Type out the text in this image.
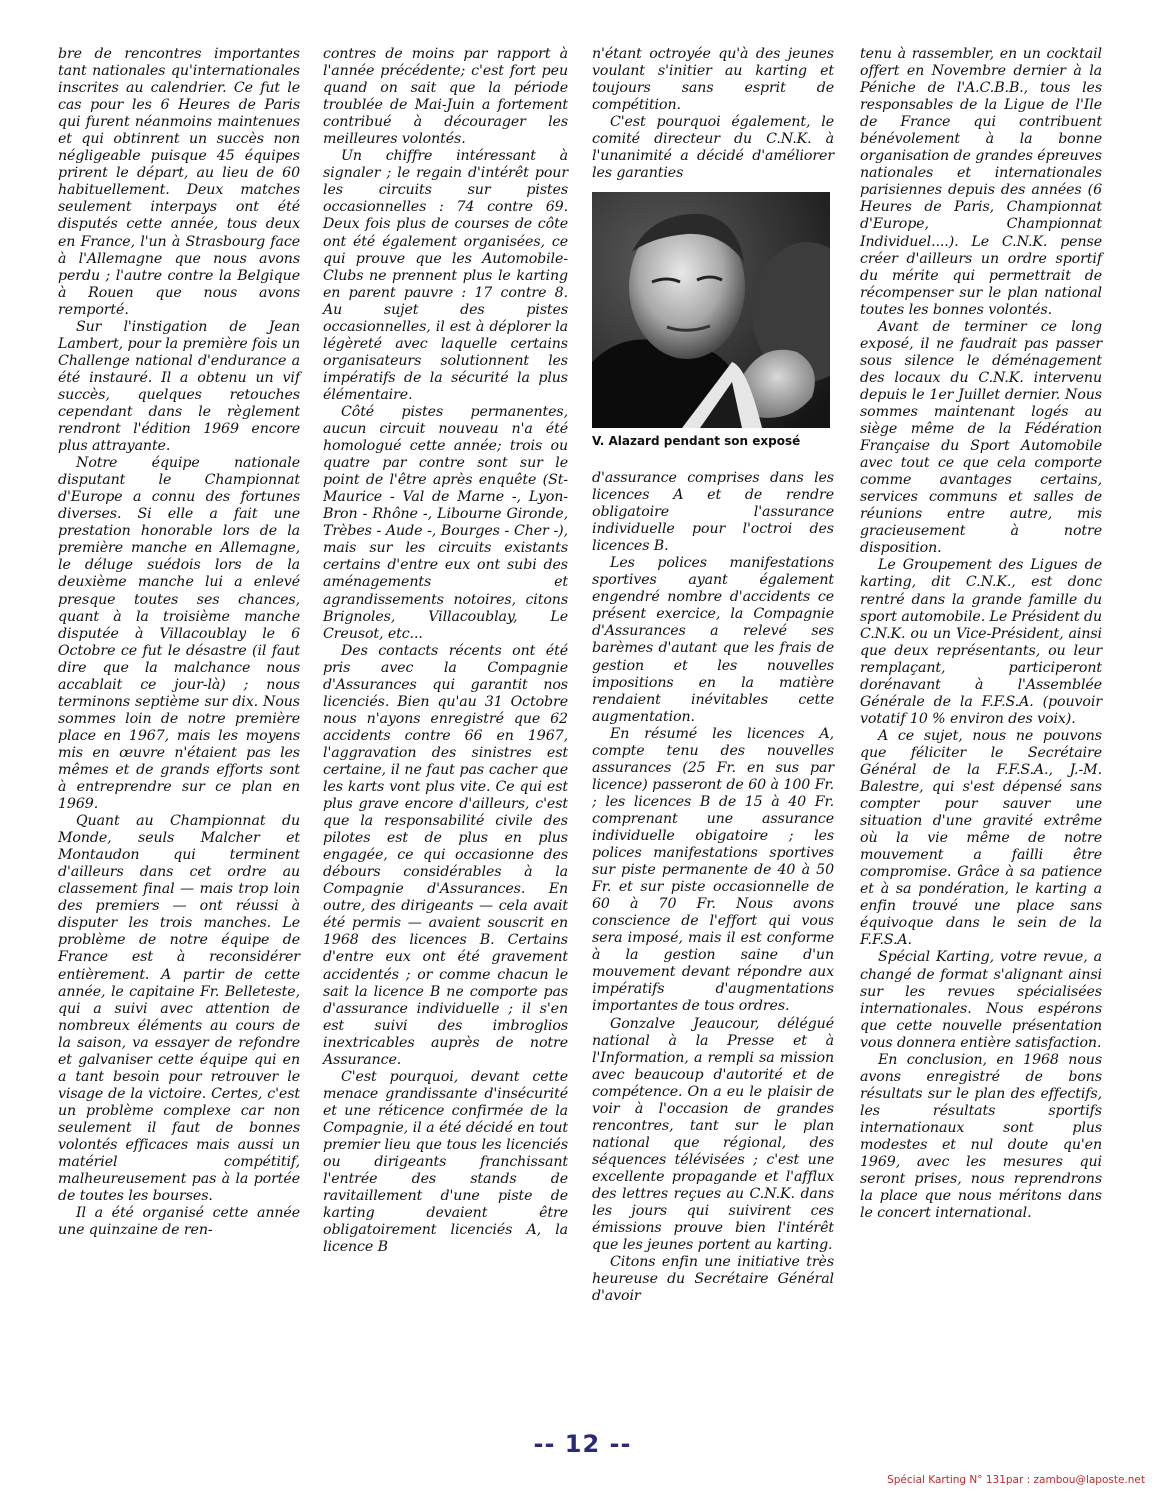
bre de rencontres importantes tant nationales qu'internationales inscrites au calendrier. Ce fut le cas pour les 6 Heures de Paris qui furent néanmoins maintenues et qui obtinrent un succès non négligeable puisque 45 équipes prirent le départ, au lieu de 60 habituellement. Deux matches seulement interpays ont été disputés cette année, tous deux en France, l'un à Strasbourg face à l'Allemagne que nous avons perdu ; l'autre contre la Belgique à Rouen que nous avons remporté.

Sur l'instigation de Jean Lambert, pour la première fois un Challenge national d'endurance a été instauré. Il a obtenu un vif succès, quelques retouches cependant dans le règlement rendront l'édition 1969 encore plus attrayante.

Notre équipe nationale disputant le Championnat d'Europe a connu des fortunes diverses. Si elle a fait une prestation honorable lors de la première manche en Allemagne, le déluge suédois lors de la deuxième manche lui a enlevé presque toutes ses chances, quant à la troisième manche disputée à Villacoublay le 6 Octobre ce fut le désastre (il faut dire que la malchance nous accablait ce jour-là) ; nous terminons septième sur dix. Nous sommes loin de notre première place en 1967, mais les moyens mis en œuvre n'étaient pas les mêmes et de grands efforts sont à entreprendre sur ce plan en 1969.

Quant au Championnat du Monde, seuls Malcher et Montaudon qui terminent d'ailleurs dans cet ordre au classement final — mais trop loin des premiers — ont réussi à disputer les trois manches. Le problème de notre équipe de France est à reconsidérer entièrement. A partir de cette année, le capitaine Fr. Belleteste, qui a suivi avec attention de nombreux éléments au cours de la saison, va essayer de refondre et galvaniser cette équipe qui en a tant besoin pour retrouver le visage de la victoire. Certes, c'est un problème complexe car non seulement il faut de bonnes volontés efficaces mais aussi un matériel compétitif, malheureusement pas à la portée de toutes les bourses.

Il a été organisé cette année une quinzaine de ren-

contres de moins par rapport à l'année précédente; c'est fort peu quand on sait que la période troublée de Mai-Juin a fortement contribué à décourager les meilleures volontés.

Un chiffre intéressant à signaler ; le regain d'intérêt pour les circuits sur pistes occasionnelles : 74 contre 69. Deux fois plus de courses de côte ont été également organisées, ce qui prouve que les Automobile-Clubs ne prennent plus le karting en parent pauvre : 17 contre 8. Au sujet des pistes occasionnelles, il est à déplorer la légèreté avec laquelle certains organisateurs solutionnent les impératifs de la sécurité la plus élémentaire.

Côté pistes permanentes, aucun circuit nouveau n'a été homologué cette année; trois ou quatre par contre sont sur le point de l'être après enquête (St-Maurice - Val de Marne -, Lyon-Bron - Rhône -, Libourne Gironde, Trèbes - Aude -, Bourges - Cher -), mais sur les circuits existants certains d'entre eux ont subi des aménagements et agrandissements notoires, citons Brignoles, Villacoublay, Le Creusot, etc...

Des contacts récents ont été pris avec la Compagnie d'Assurances qui garantit nos licenciés. Bien qu'au 31 Octobre nous n'ayons enregistré que 62 accidents contre 66 en 1967, l'aggravation des sinistres est certaine, il ne faut pas cacher que les karts vont plus vite. Ce qui est plus grave encore d'ailleurs, c'est que la responsabilité civile des pilotes est de plus en plus engagée, ce qui occasionne des débours considérables à la Compagnie d'Assurances. En outre, des dirigeants — cela avait été permis — avaient souscrit en 1968 des licences B. Certains d'entre eux ont été gravement accidentés ; or comme chacun le sait la licence B ne comporte pas d'assurance individuelle ; il s'en est suivi des imbroglios inextricables auprès de notre Assurance.

C'est pourquoi, devant cette menace grandissante d'insécurité et une réticence confirmée de la Compagnie, il a été décidé en tout premier lieu que tous les licenciés ou dirigeants franchissant l'entrée des stands de ravitaillement d'une piste de karting devaient être obligatoirement licenciés A, la licence B

n'étant octroyée qu'à des jeunes voulant s'initier au karting et toujours sans esprit de compétition.

C'est pourquoi également, le comité directeur du C.N.K. à l'unanimité a décidé d'améliorer les garanties

V. Alazard pendant son exposé

d'assurance comprises dans les licences A et de rendre obligatoire l'assurance individuelle pour l'octroi des licences B.

Les polices manifestations sportives ayant également engendré nombre d'accidents ce présent exercice, la Compagnie d'Assurances a relevé ses barèmes d'autant que les frais de gestion et les nouvelles impositions en la matière rendaient inévitables cette augmentation.

En résumé les licences A, compte tenu des nouvelles assurances (25 Fr. en sus par licence) passeront de 60 à 100 Fr. ; les licences B de 15 à 40 Fr. comprenant une assurance individuelle obigatoire ; les polices manifestations sportives sur piste permanente de 40 à 50 Fr. et sur piste occasionnelle de 60 à 70 Fr. Nous avons conscience de l'effort qui vous sera imposé, mais il est conforme à la gestion saine d'un mouvement devant répondre aux impératifs d'augmentations importantes de tous ordres.

Gonzalve Jeaucour, délégué national à la Presse et à l'Information, a rempli sa mission avec beaucoup d'autorité et de compétence. On a eu le plaisir de voir à l'occasion de grandes rencontres, tant sur le plan national que régional, des séquences télévisées ; c'est une excellente propagande et l'afflux des lettres reçues au C.N.K. dans les jours qui suivirent ces émissions prouve bien l'intérêt que les jeunes portent au karting.

Citons enfin une initiative très heureuse du Secrétaire Général d'avoir

tenu à rassembler, en un cocktail offert en Novembre dernier à la Péniche de l'A.C.B.B., tous les responsables de la Ligue de l'Ile de France qui contribuent bénévolement à la bonne organisation de grandes épreuves nationales et internationales parisiennes depuis des années (6 Heures de Paris, Championnat d'Europe, Championnat Individuel....). Le C.N.K. pense créer d'ailleurs un ordre sportif du mérite qui permettrait de récompenser sur le plan national toutes les bonnes volontés.

Avant de terminer ce long exposé, il ne faudrait pas passer sous silence le déménagement des locaux du C.N.K. intervenu depuis le 1er Juillet dernier. Nous sommes maintenant logés au siège même de la Fédération Française du Sport Automobile avec tout ce que cela comporte comme avantages certains, services communs et salles de réunions entre autre, mis gracieusement à notre disposition.

Le Groupement des Ligues de karting, dit C.N.K., est donc rentré dans la grande famille du sport automobile. Le Président du C.N.K. ou un Vice-Président, ainsi que deux représentants, ou leur remplaçant, participeront dorénavant à l'Assemblée Générale de la F.F.S.A. (pouvoir votatif 10 % environ des voix).

A ce sujet, nous ne pouvons que féliciter le Secrétaire Général de la F.F.S.A., J.-M. Balestre, qui s'est dépensé sans compter pour sauver une situation d'une gravité extrême où la vie même de notre mouvement a failli être compromise. Grâce à sa patience et à sa pondération, le karting a enfin trouvé une place sans équivoque dans le sein de la F.F.S.A.

Spécial Karting, votre revue, a changé de format s'alignant ainsi sur les revues spécialisées internationales. Nous espérons que cette nouvelle présentation vous donnera entière satisfaction.

En conclusion, en 1968 nous avons enregistré de bons résultats sur le plan des effectifs, les résultats sportifs internationaux sont plus modestes et nul doute qu'en 1969, avec les mesures qui seront prises, nous reprendrons la place que nous méritons dans le concert international.

-- 12 --
Spécial Karting N° 131par : zambou@laposte.net
